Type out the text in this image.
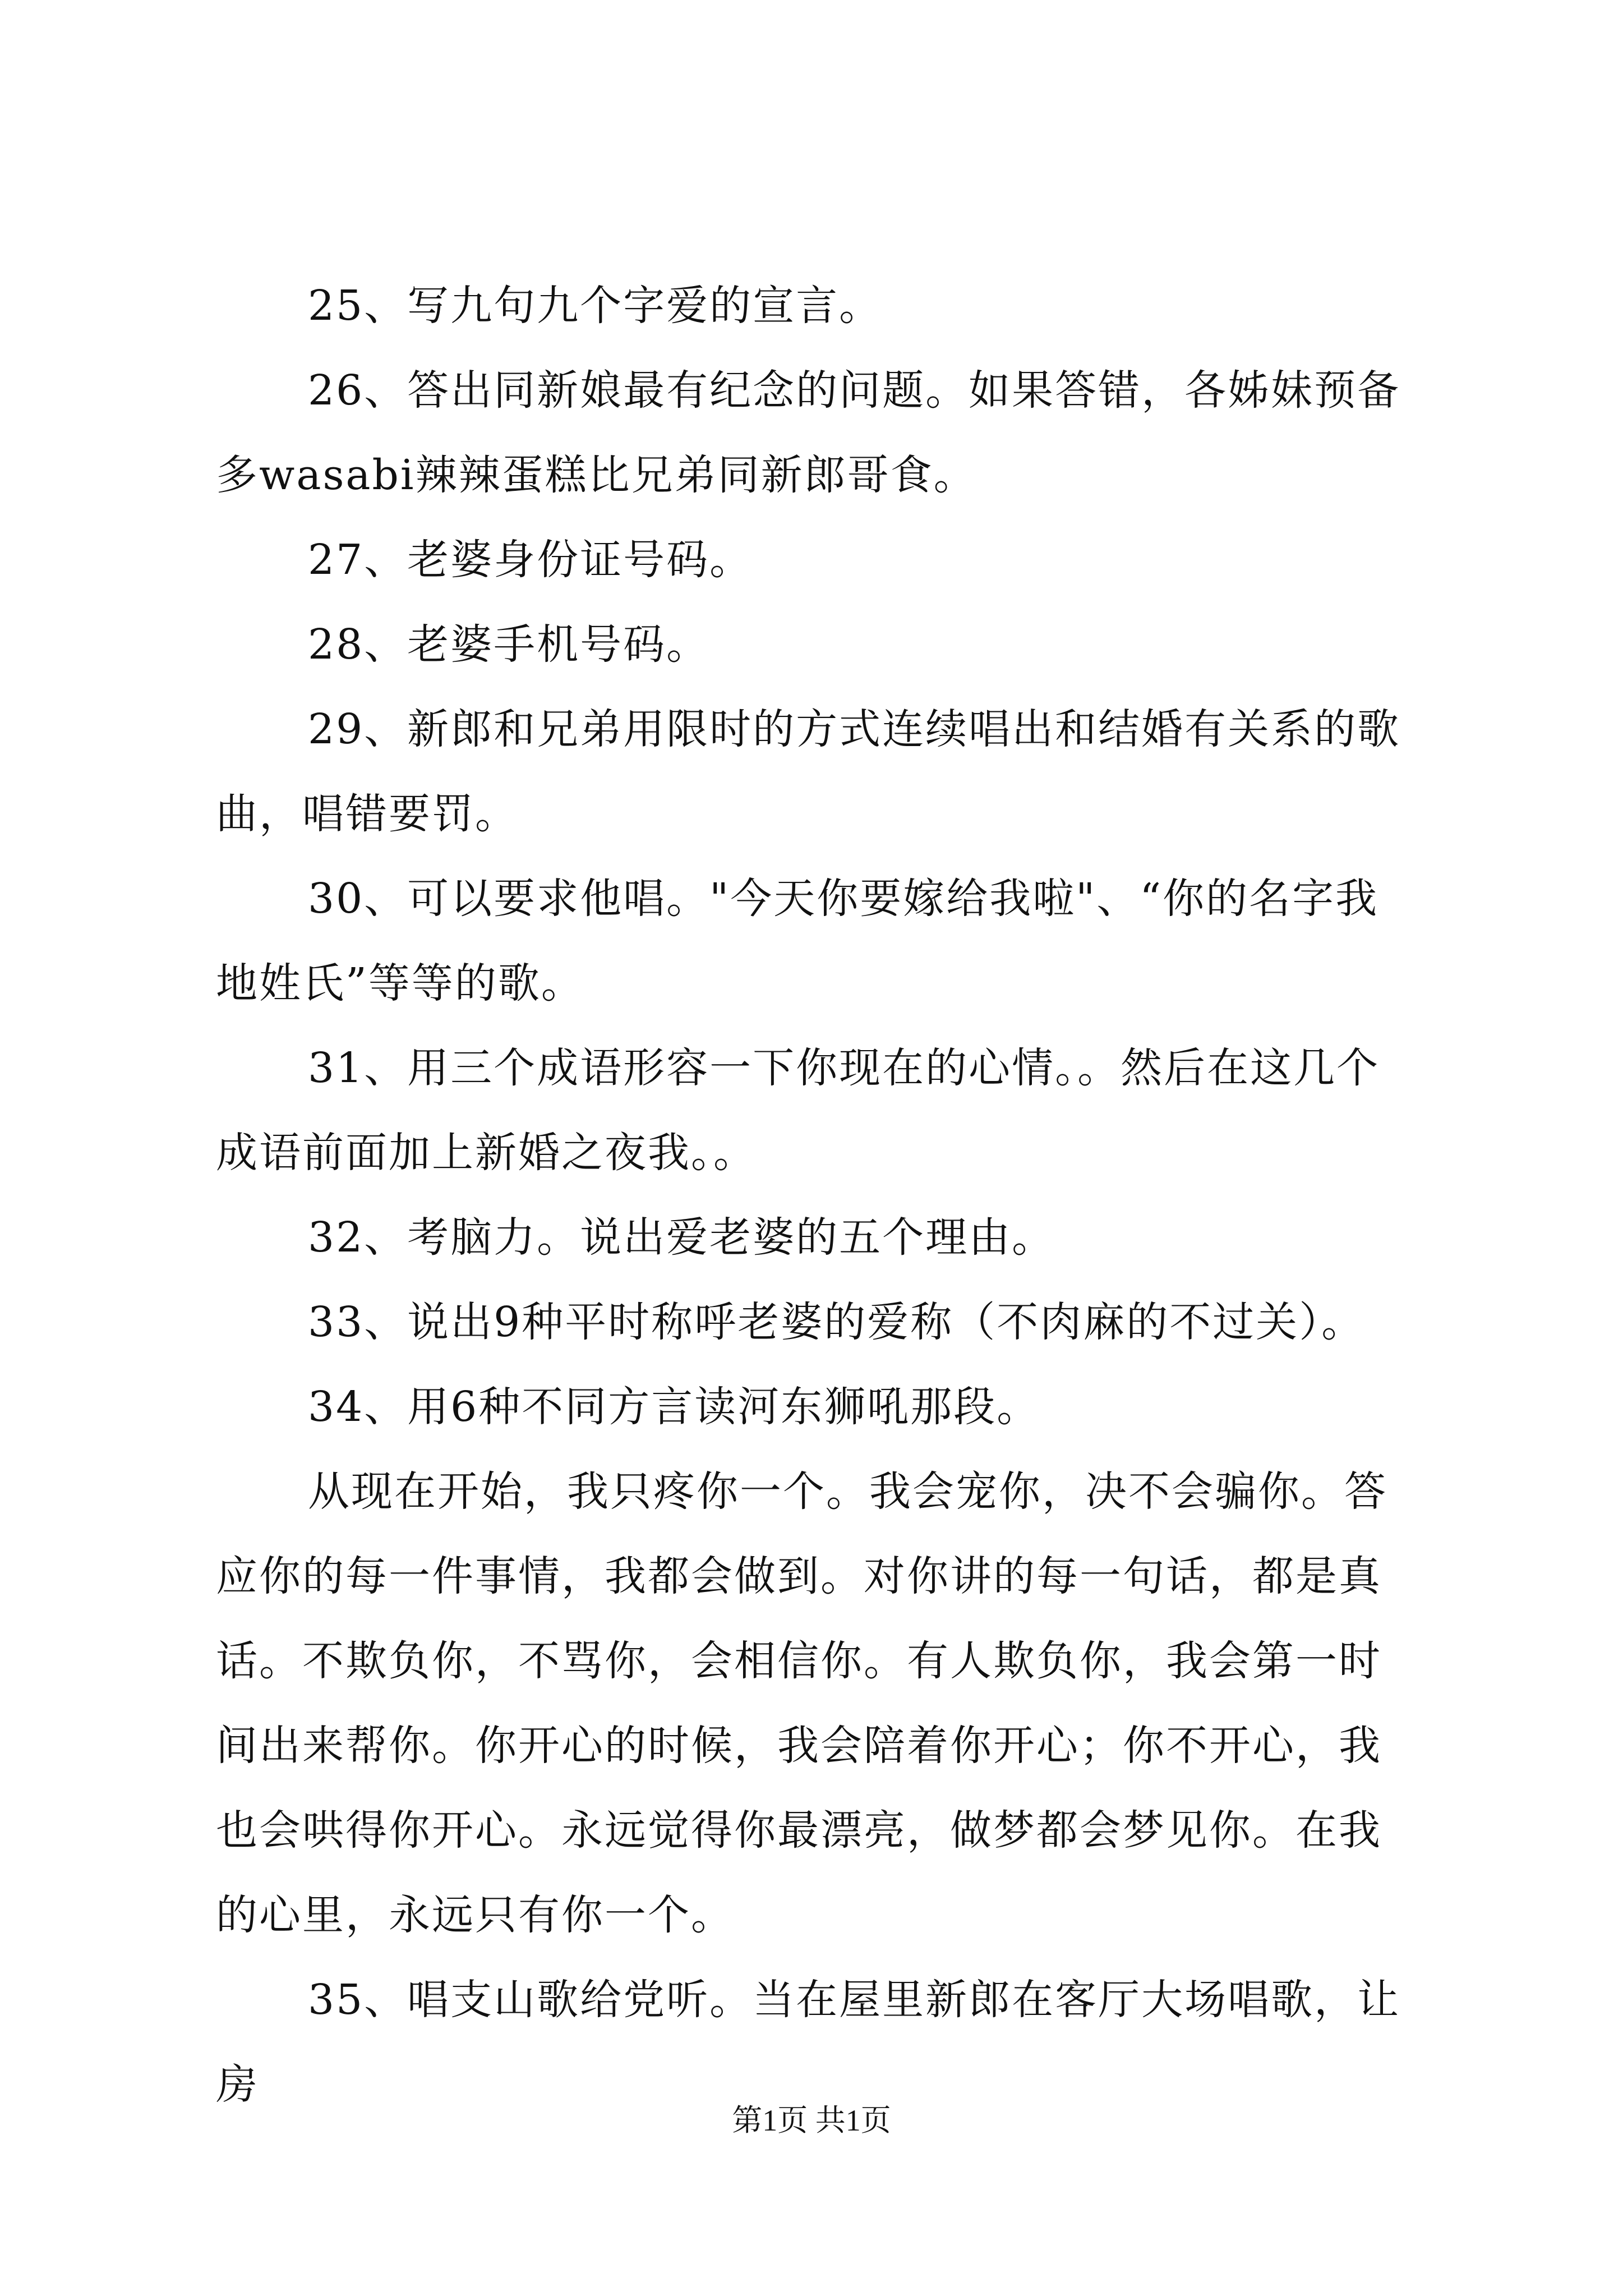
25、写九句九个字爱的宣言。

26、答出同新娘最有纪念的问题。如果答错，各姊妹预备多wasabi辣辣蛋糕比兄弟同新郎哥食。

27、老婆身份证号码。

28、老婆手机号码。

29、新郎和兄弟用限时的方式连续唱出和结婚有关系的歌曲，唱错要罚。

30、可以要求他唱。"今天你要嫁给我啦"、“你的名字我地姓氏”等等的歌。

31、用三个成语形容一下你现在的心情。。然后在这几个成语前面加上新婚之夜我。。

32、考脑力。说出爱老婆的五个理由。

33、说出9种平时称呼老婆的爱称（不肉麻的不过关）。

34、用6种不同方言读河东狮吼那段。

从现在开始，我只疼你一个。我会宠你，决不会骗你。答应你的每一件事情，我都会做到。对你讲的每一句话，都是真话。不欺负你，不骂你，会相信你。有人欺负你，我会第一时间出来帮你。你开心的时候，我会陪着你开心；你不开心，我也会哄得你开心。永远觉得你最漂亮，做梦都会梦见你。在我的心里，永远只有你一个。

35、唱支山歌给党听。当在屋里新郎在客厅大场唱歌，让房

第1页 共1页
